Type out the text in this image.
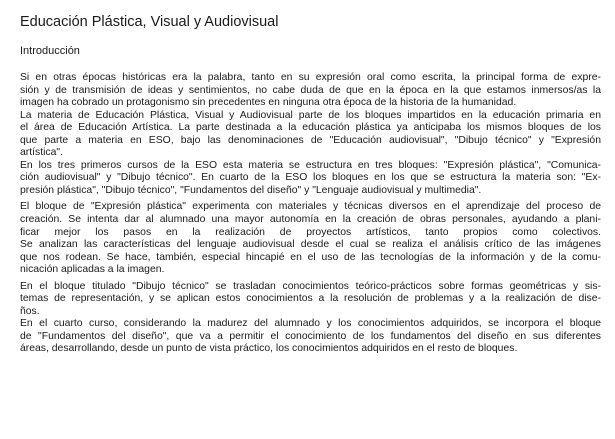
Educación Plástica, Visual y Audiovisual
Introducción
Si en otras épocas históricas era la palabra, tanto en su expresión oral como escrita, la principal forma de expre-
sión y de transmisión de ideas y sentimientos, no cabe duda de que en la época en la que estamos inmersos/as la
imagen ha cobrado un protagonismo sin precedentes en ninguna otra época de la historia de la humanidad.
La materia de Educación Plástica, Visual y Audiovisual parte de los bloques impartidos en la educación primaria en
el área de Educación Artística. La parte destinada a la educación plástica ya anticipaba los mismos bloques de los
que parte a materia en ESO, bajo las denominaciones de "Educación audiovisual", "Dibujo técnico" y "Expresión
artística".
En los tres primeros cursos de la ESO esta materia se estructura en tres bloques: "Expresión plástica", "Comunica-
ción audiovisual" y "Dibujo técnico". En cuarto de la ESO los bloques en los que se estructura la materia son: "Ex-
presión plástica", "Dibujo técnico", "Fundamentos del diseño" y "Lenguaje audiovisual y multimedia".
El bloque de "Expresión plástica" experimenta con materiales y técnicas diversos en el aprendizaje del proceso de
creación. Se intenta dar al alumnado una mayor autonomía en la creación de obras personales, ayudando a plani-
ficar mejor los pasos en la realización de proyectos artísticos, tanto propios como colectivos.
Se analizan las características del lenguaje audiovisual desde el cual se realiza el análisis crítico de las imágenes
que nos rodean. Se hace, también, especial hincapié en el uso de las tecnologías de la información y de la comu-
nicación aplicadas a la imagen.
En el bloque titulado "Dibujo técnico" se trasladan conocimientos teórico-prácticos sobre formas geométricas y sis-
temas de representación, y se aplican estos conocimientos a la resolución de problemas y a la realización de dise-
ños.
En el cuarto curso, considerando la madurez del alumnado y los conocimientos adquiridos, se incorpora el bloque
de "Fundamentos del diseño", que va a permitir el conocimiento de los fundamentos del diseño en sus diferentes
áreas, desarrollando, desde un punto de vista práctico, los conocimientos adquiridos en el resto de bloques.
